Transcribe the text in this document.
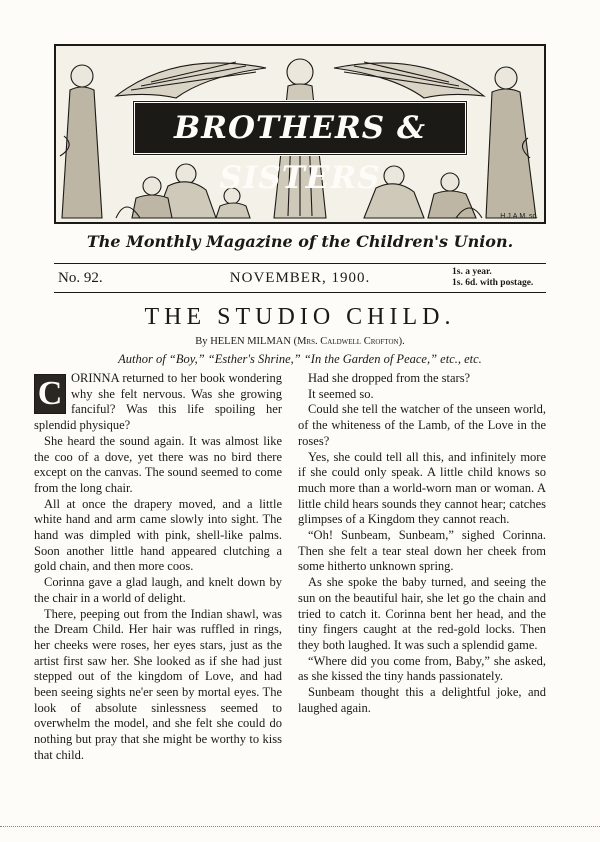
BROTHERS & SISTERS
H.J.A.M. sc.
The Monthly Magazine of the Children's Union.
No. 92.	NOVEMBER, 1900.	1s. a year.
1s. 6d. with postage.
THE STUDIO CHILD.
By HELEN MILMAN (Mrs. Caldwell Crofton).
Author of “Boy,” “Esther's Shrine,” “In the Garden of Peace,” etc., etc.
C ORINNA returned to her book wondering why she felt nervous. Was she growing fanciful? Was this life spoiling her splendid physique?

She heard the sound again. It was almost like the coo of a dove, yet there was no bird there except on the canvas. The sound seemed to come from the long chair.

All at once the drapery moved, and a little white hand and arm came slowly into sight. The hand was dimpled with pink, shell-like palms. Soon another little hand appeared clutching a gold chain, and then more coos.

Corinna gave a glad laugh, and knelt down by the chair in a world of delight.

There, peeping out from the Indian shawl, was the Dream Child. Her hair was ruffled in rings, her cheeks were roses, her eyes stars, just as the artist first saw her. She looked as if she had just stepped out of the kingdom of Love, and had been seeing sights ne'er seen by mortal eyes. The look of absolute sinlessness seemed to overwhelm the model, and she felt she could do nothing but pray that she might be worthy to kiss that child.

Had she dropped from the stars?

It seemed so.

Could she tell the watcher of the unseen world, of the whiteness of the Lamb, of the Love in the roses?

Yes, she could tell all this, and infinitely more if she could only speak. A little child knows so much more than a world-worn man or woman. A little child hears sounds they cannot hear; catches glimpses of a Kingdom they cannot reach.

“Oh! Sunbeam, Sunbeam,” sighed Corinna. Then she felt a tear steal down her cheek from some hitherto unknown spring.

As she spoke the baby turned, and seeing the sun on the beautiful hair, she let go the chain and tried to catch it. Corinna bent her head, and the tiny fingers caught at the red-gold locks. Then they both laughed. It was such a splendid game.

“Where did you come from, Baby,” she asked, as she kissed the tiny hands passionately.

Sunbeam thought this a delightful joke, and laughed again.
